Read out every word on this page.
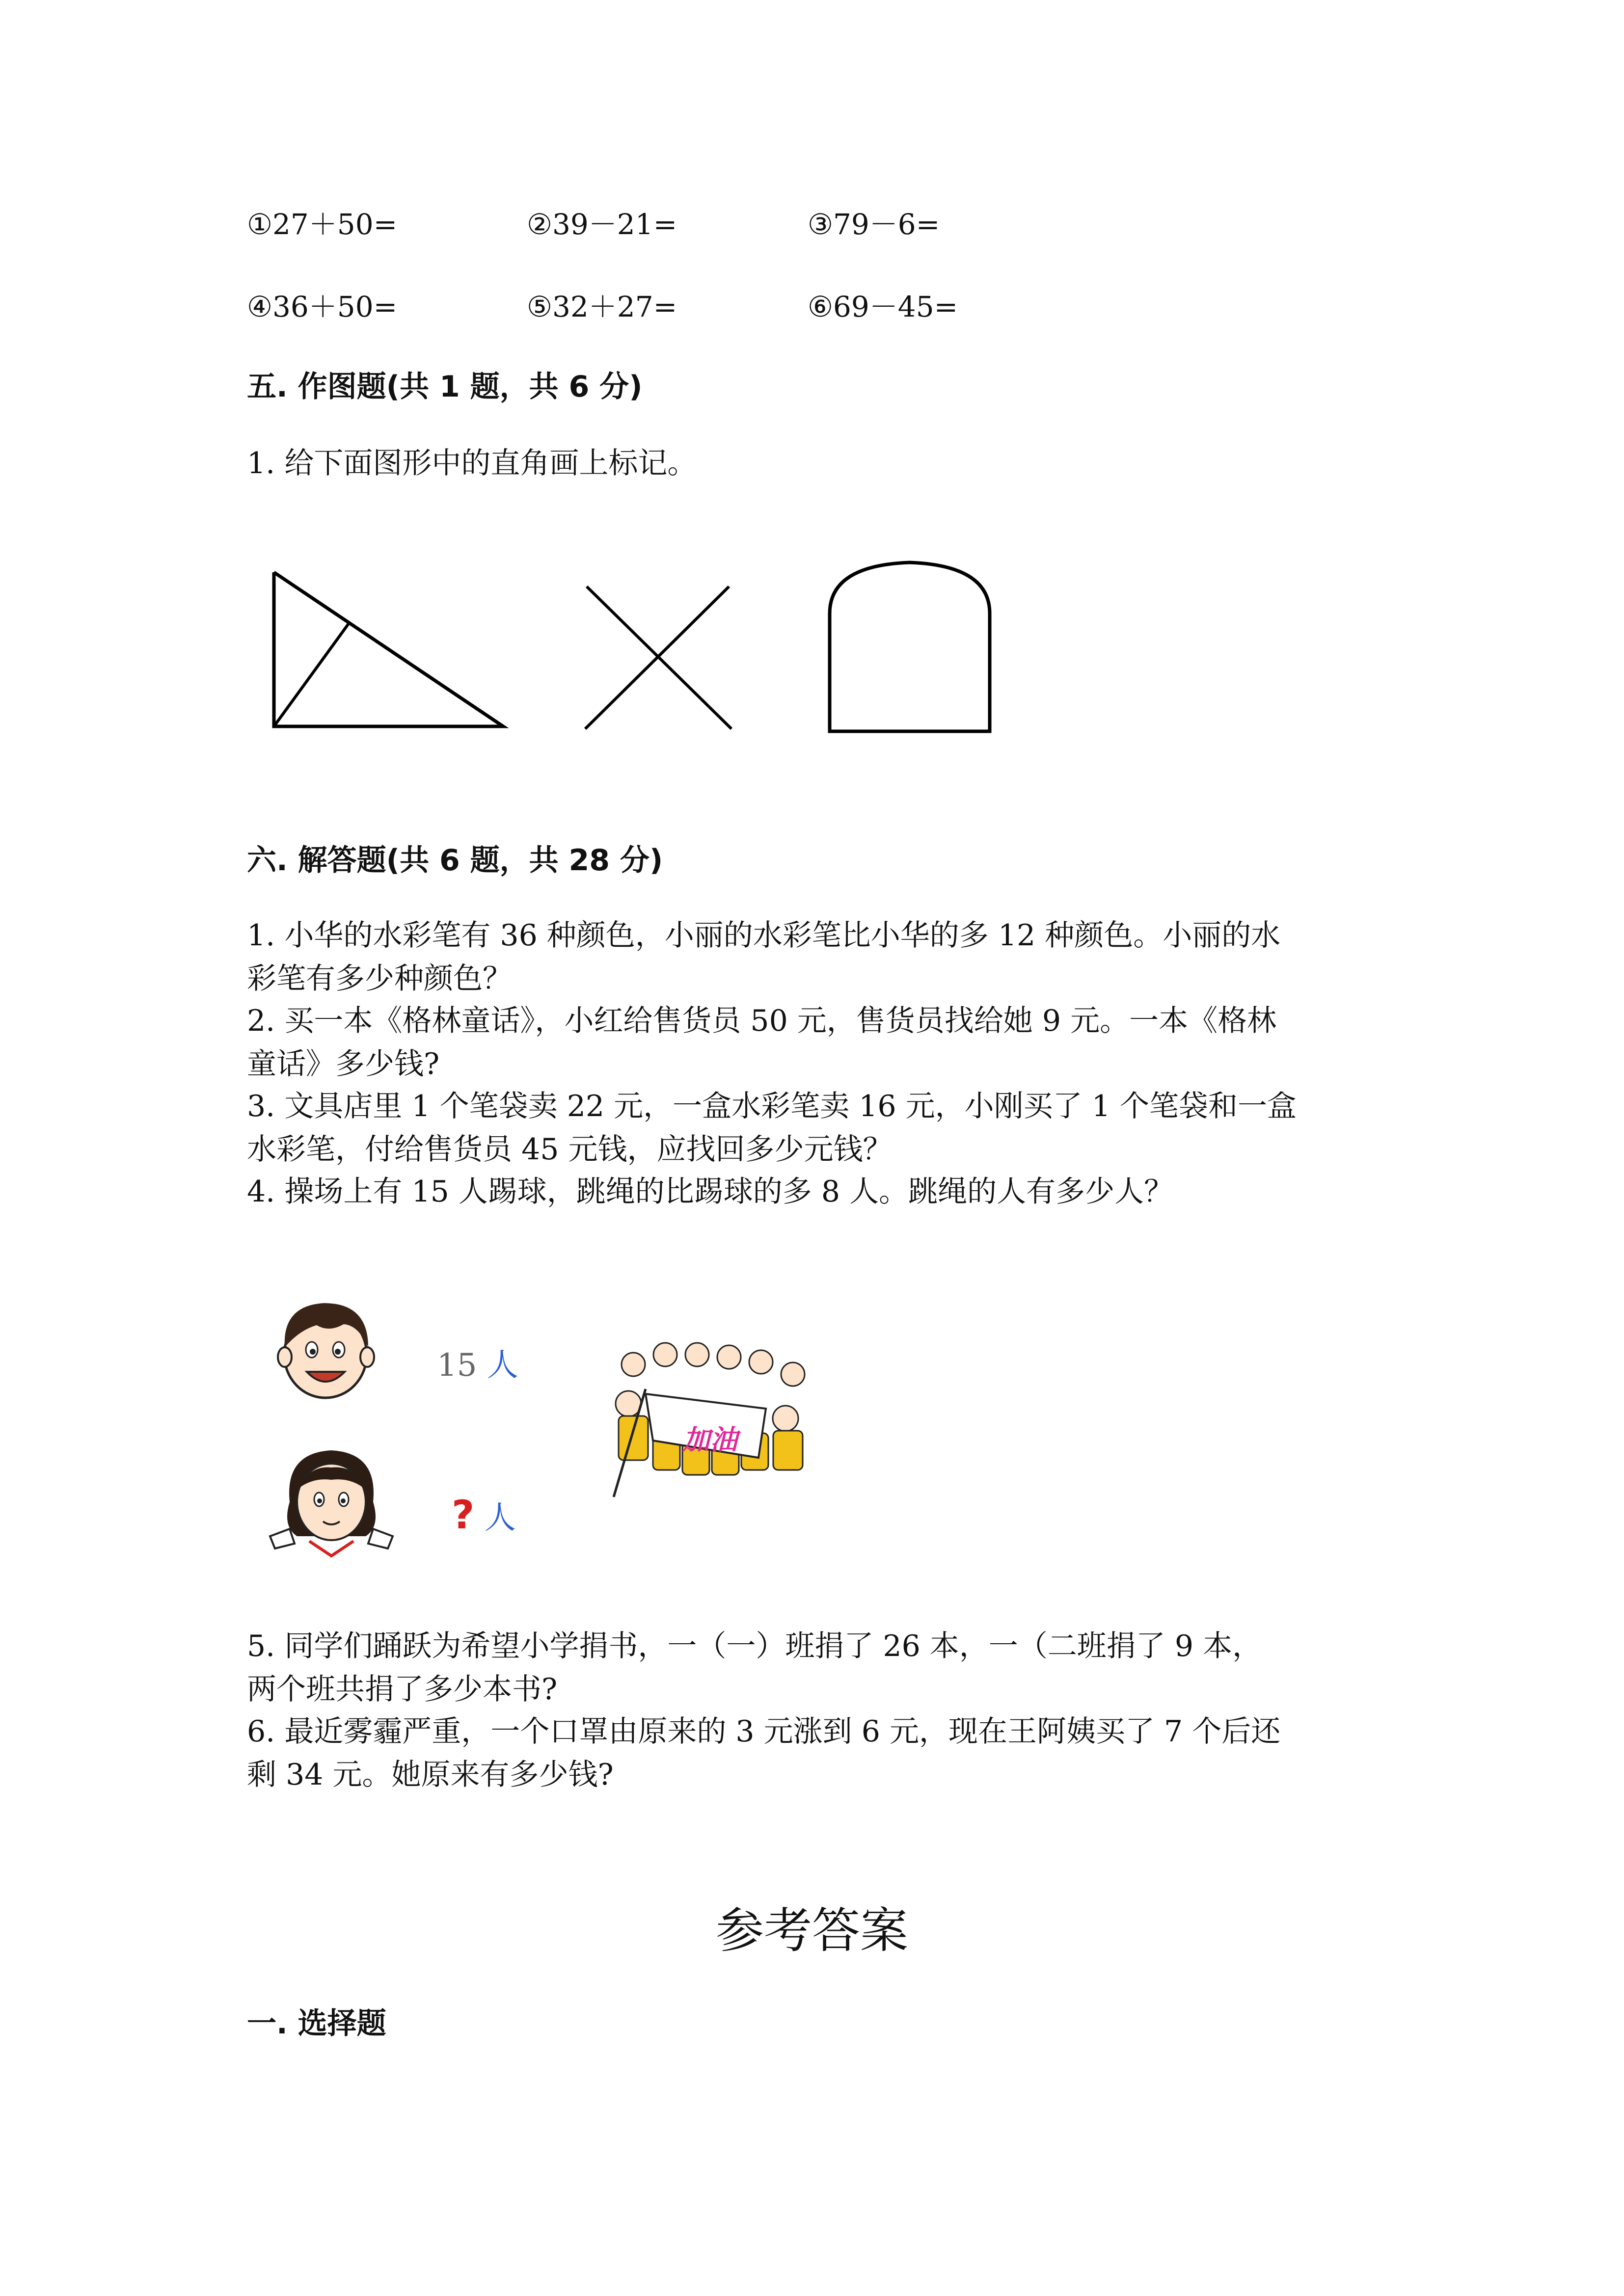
①27＋50=	②39－21=	③79－6=
④36＋50=	⑤32＋27=	⑥69－45=
五. 作图题(共 1 题，共 6 分)
1. 给下面图形中的直角画上标记。
六. 解答题(共 6 题，共 28 分)
1. 小华的水彩笔有 36 种颜色，小丽的水彩笔比小华的多 12 种颜色。小丽的水
彩笔有多少种颜色？
2. 买一本《格林童话》，小红给售货员 50 元，售货员找给她 9 元。一本《格林
童话》多少钱?
3. 文具店里 1 个笔袋卖 22 元，一盒水彩笔卖 16 元，小刚买了 1 个笔袋和一盒
水彩笔，付给售货员 45 元钱，应找回多少元钱？
4. 操场上有 15 人踢球，跳绳的比踢球的多 8 人。跳绳的人有多少人？
15 人
? 人
加油
5. 同学们踊跃为希望小学捐书，一（一）班捐了 26 本，一（二班捐了 9 本，
两个班共捐了多少本书?
6. 最近雾霾严重，一个口罩由原来的 3 元涨到 6 元，现在王阿姨买了 7 个后还
剩 34 元。她原来有多少钱?
参考答案
一. 选择题
